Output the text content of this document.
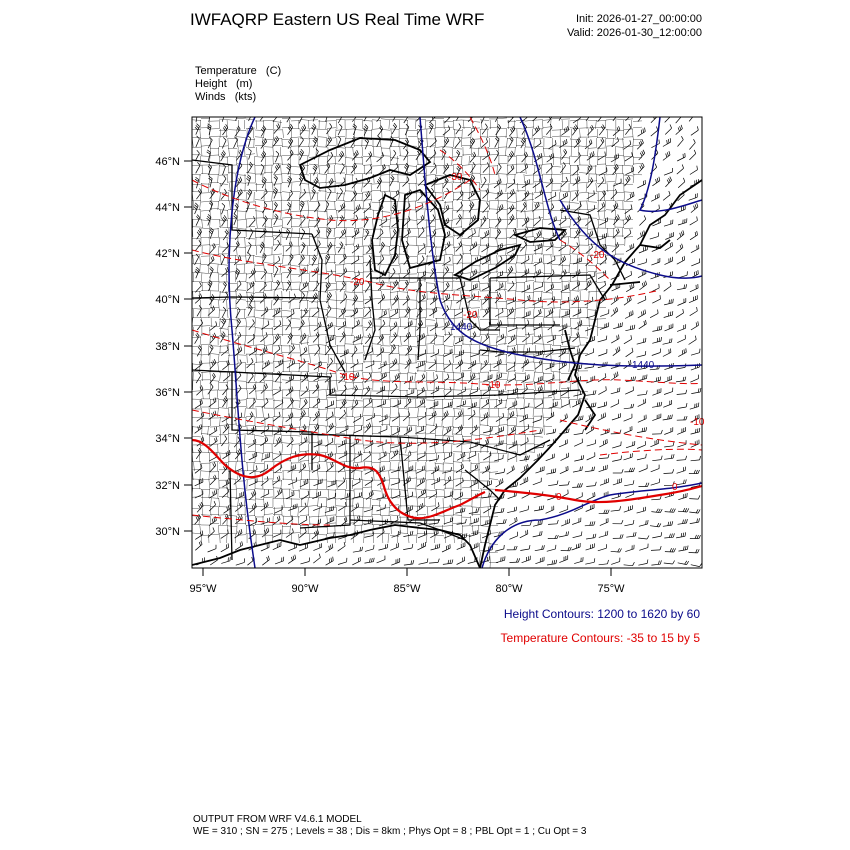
IWFAQRP Eastern US Real Time WRF	Init: 2026-01-27_00:00:00
Valid: 2026-01-30_12:00:00
Temperature   (C)
Height   (m)
Winds   (kts)
1440
1440
-30
-20
-20
-10
-10
-20
-10
0
0
46°N
44°N
42°N
40°N
38°N
36°N
34°N
32°N
30°N
95°W	90°W	85°W	80°W	75°W
Height Contours: 1200 to 1620 by 60
Temperature Contours: -35 to 15 by 5
OUTPUT FROM WRF V4.6.1 MODEL
WE = 310 ; SN = 275 ; Levels = 38 ; Dis = 8km ; Phys Opt = 8 ; PBL Opt = 1 ; Cu Opt = 3
